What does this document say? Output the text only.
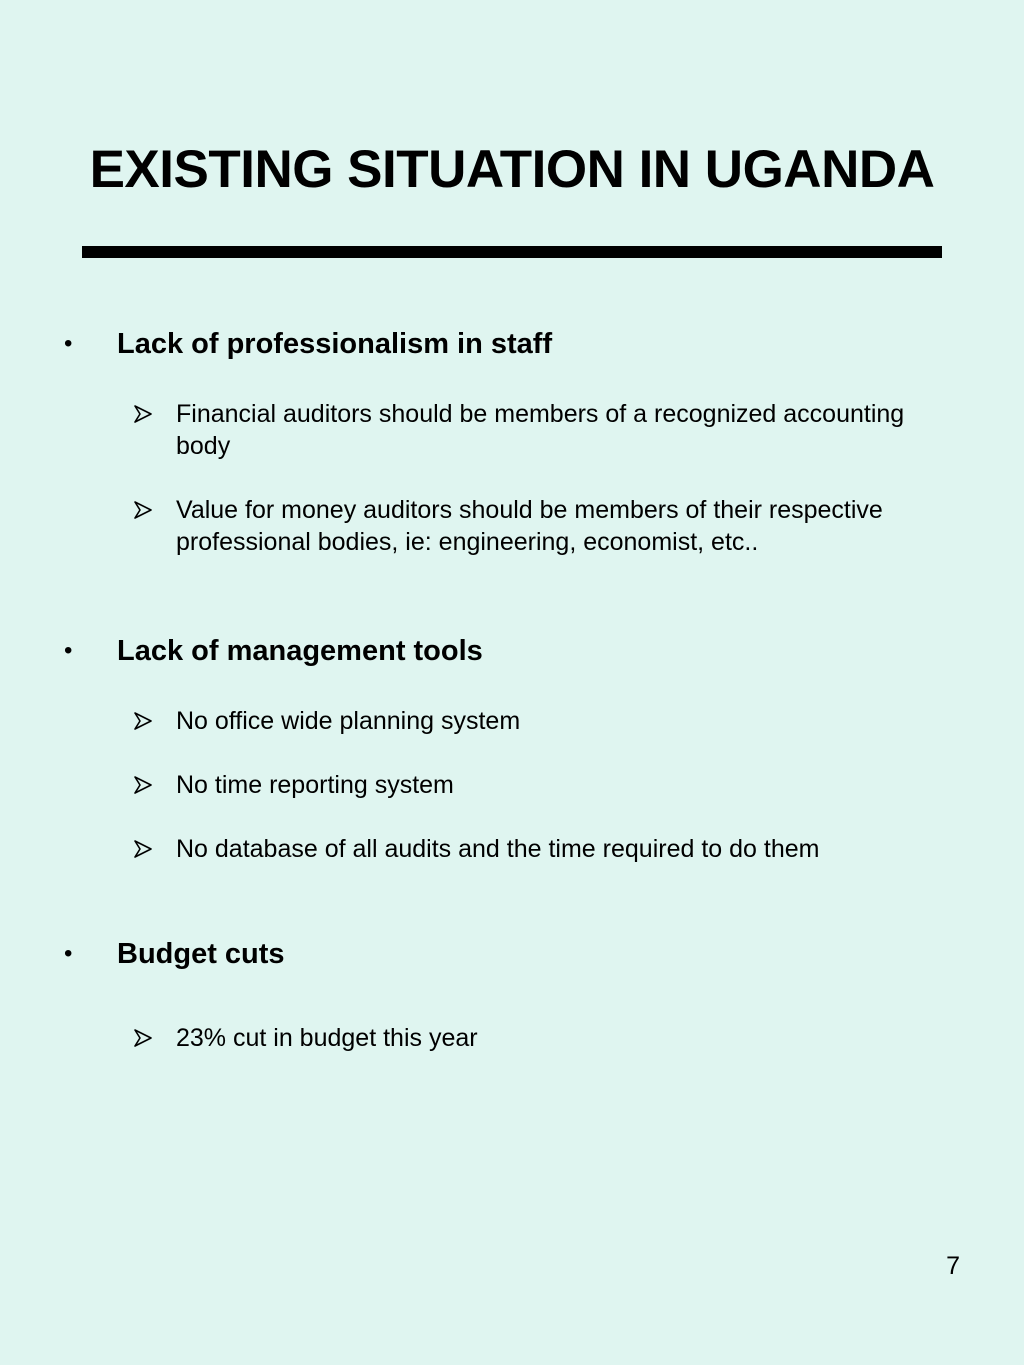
EXISTING SITUATION IN UGANDA
• Lack of professionalism in staff
Financial auditors should be members of a recognized accounting body
Value for money auditors should be members of their respective professional bodies, ie: engineering, economist, etc..
• Lack of management tools
No office wide planning system
No time reporting system
No database of all audits and the time required to do them
• Budget cuts
23% cut in budget this year
7
